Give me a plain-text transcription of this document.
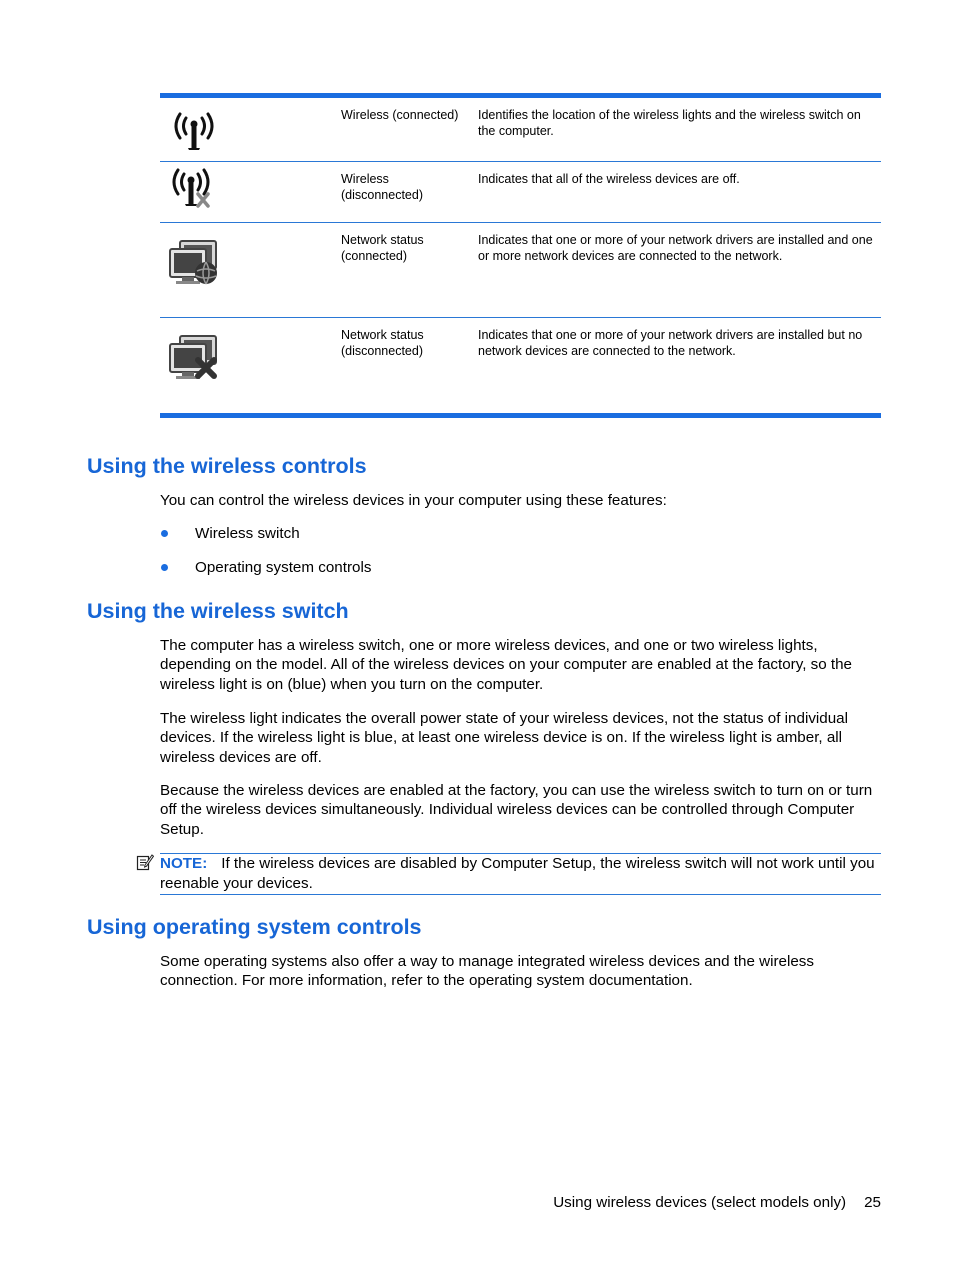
Wireless (connected)	Identifies the location of the wireless lights and the wireless switch on the computer.
Wireless (disconnected)
Indicates that all of the wireless devices are off.
Network status (connected)
Indicates that one or more of your network drivers are installed and one or more network devices are connected to the network.
Network status (disconnected)
Indicates that one or more of your network drivers are installed but no network devices are connected to the network.
Using the wireless controls

You can control the wireless devices in your computer using these features:

Wireless switch
Operating system controls
Using the wireless switch

The computer has a wireless switch, one or more wireless devices, and one or two wireless lights, depending on the model. All of the wireless devices on your computer are enabled at the factory, so the wireless light is on (blue) when you turn on the computer.

The wireless light indicates the overall power state of your wireless devices, not the status of individual devices. If the wireless light is blue, at least one wireless device is on. If the wireless light is amber, all wireless devices are off.

Because the wireless devices are enabled at the factory, you can use the wireless switch to turn on or turn off the wireless devices simultaneously. Individual wireless devices can be controlled through Computer Setup.

NOTE: If the wireless devices are disabled by Computer Setup, the wireless switch will not work until you reenable your devices.
Using operating system controls

Some operating systems also offer a way to manage integrated wireless devices and the wireless connection. For more information, refer to the operating system documentation.

Using wireless devices (select models only) 25
